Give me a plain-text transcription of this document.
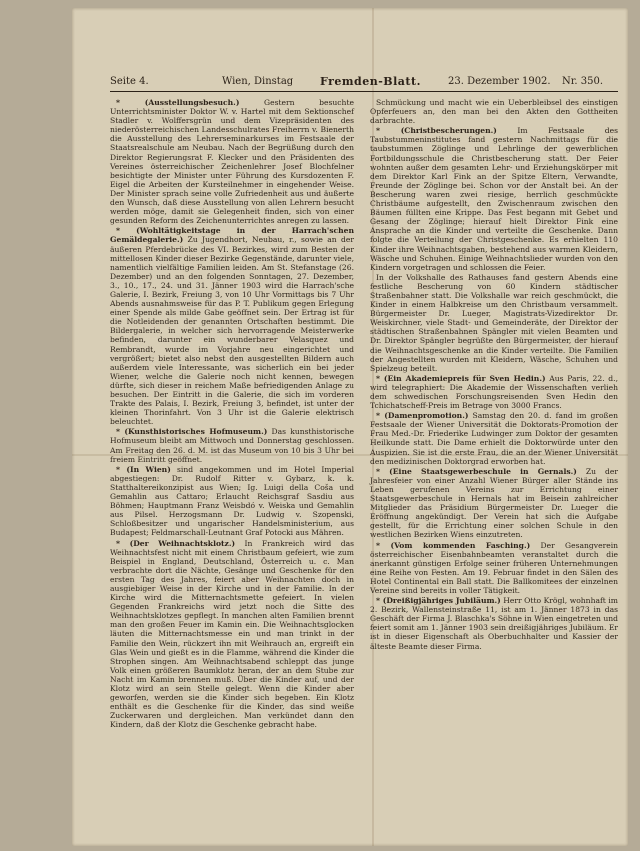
Seite 4.	Wien, Dinstag Fremden-Blatt.	23. Dezember 1902. Nr. 350.

* (Ausstellungsbesuch.)	Gestern besuchte Unterrichtsminister Doktor W. v. Hartel mit dem Sektionschef Stadler v. Wolffersgrün und dem Vizepräsidenten des niederösterreichischen Landesschulrates Freiherrn v. Bienerth die Ausstellung des Lehrerseminarkurses im Festsaale der Staatsrealschule am Neubau. Nach der Begrüßung durch den Direktor Regierungsrat F. Klecker und den Präsidenten des Vereines österreichischer Zeichenlehrer Josef Blochfelner besichtigte der Minister unter Führung des Kursdozenten F. Eigel die Arbeiten der Kursteilnehmer in eingehender Weise. Der Minister sprach seine volle Zufriedenheit aus und äußerte den Wunsch, daß diese Ausstellung von allen Lehrern besucht werden möge, damit sie Gelegenheit finden, sich von einer gesunden Reform des Zeichenunterrichtes anregen zu lassen.

* (Wohltätigkeitstage in der Harrach'schen Gemäldegalerie.) Zu Jugendhort, Neubau, r., sowie an der äußeren Pferdebrücke des VI. Bezirkes, wird zum Besten der mittellosen Kinder dieser Bezirke Gegenstände, darunter viele, namentlich vielfältige Familien leiden. Am St. Stefanstage (26. Dezember) und an den folgenden Sonntagen, 27. Dezember, 3., 10., 17., 24. und 31. Jänner 1903 wird die Harrach'sche Galerie, I. Bezirk, Freiung 3, von 10 Uhr Vormittags bis 7 Uhr Abends ausnahmsweise für das P. T. Publikum gegen Erlegung einer Spende als milde Gabe geöffnet sein. Der Ertrag ist für die Notleidenden der genannten Ortschaften bestimmt. Die Bildergalerie, in welcher sich hervorragende Meisterwerke befinden, darunter ein wunderbarer Velasquez und Rembrandt, wurde im Vorjahre neu eingerichtet und vergrößert; bietet also nebst den ausgestellten Bildern auch außerdem viele Interessante, was sicherlich ein bei jeder Wiener, welche die Galerie noch nicht kennen, bewegen dürfte, sich dieser in reichem Maße befriedigenden Anlage zu besuchen. Der Eintritt in die Galerie, die sich im vorderen Trakte des Palais, I. Bezirk, Freiung 3, befindet, ist unter der kleinen Thorinfahrt. Von 3 Uhr ist die Galerie elektrisch beleuchtet.

* (Kunsthistorisches Hofmuseum.) Das kunsthistorische Hofmuseum bleibt am Mittwoch und Donnerstag geschlossen. Am Freitag den 26. d. M. ist das Museum von 10 bis 3 Uhr bei freiem Eintritt geöffnet.

* (In Wien) sind angekommen und im Hotel Imperial abgestiegen: Dr. Rudolf Ritter v. Gybarz, k. k. Statthaltereikonzipist aus Wien; Ig. Luigi della Coša und Gemahlin aus Cattaro; Erlaucht Reichsgraf Sasdiu aus Böhmen; Hauptmann Franz Weisbdó v. Weiska und Gemahlin aus Pilsel. Herzogsmann Dr. Ludwig v. Szopenski, Schloßbesitzer und ungarischer Handelsministerium, aus Budapest; Feldmarschall-Leutnant Graf Potocki aus Mähren.

* (Der Weihnachtsklotz.) In Frankreich wird das Weihnachtsfest nicht mit einem Christbaum gefeiert, wie zum Beispiel in England, Deutschland, Österreich u. c. Man verbrachte dort die Nächte, Gesänge und Geschenke für den ersten Tag des Jahres, feiert aber Weihnachten doch in ausgiebiger Weise in der Kirche und in der Familie. In der Kirche wird die Mitternachtsmette gefeiert. In vielen Gegenden Frankreichs wird jetzt noch die Sitte des Weihnachtsklotzes gepflegt. In manchen alten Familien brennt man den großen Feuer im Kamin ein. Die Weihnachtsglocken läuten die Mitternachtsmesse ein und man trinkt in der Familie den Wein, rückzert ihn mit Weihrauch an, ergreift ein Glas Wein und gießt es in die Flamme, während die Kinder die Strophen singen. Am Weihnachtsabend schleppt das junge Volk einen größeren Baumklotz heran, der an dem Stube zur Nacht im Kamin brennen muß. Über die Kinder auf, und der Klotz wird an sein Stelle gelegt. Wenn die Kinder aber geworfen, werden sie die Kinder sich begeben. Ein Klotz enthält es die Geschenke für die Kinder, das sind weiße Zuckerwaren und dergleichen. Man verkündet dann den Kindern, daß der Klotz die Geschenke gebracht habe.

Schmückung und macht wie ein Ueberbleibsel des einstigen Opferfeuers an, den man bei den Akten den Gottheiten darbrachte.

* (Christbescherungen.)	Im Festsaale des Taubstummeninstitutes fand gestern Nachmittags für die taubstummen Zöglinge und Lehrlinge der gewerblichen Fortbildungsschule die Christbescherung statt. Der Feier wohnten außer dem gesamten Lehr- und Erziehungskörper mit dem Direktor Karl Fink an der Spitze Eltern, Verwandte, Freunde der Zöglinge bei. Schon vor der Anstalt bei. An der Bescherung waren zwei riesige, herrlich geschmückte Christbäume aufgestellt, den Zwischenraum zwischen den Bäumen füllten eine Krippe. Das Fest begann mit Gebet und Gesang der Zöglinge; hierauf hielt Direktor Fink eine Ansprache an die Kinder und verteilte die Geschenke. Dann folgte die Verteilung der Christgeschenke. Es erhielten 110 Kinder ihre Weihnachtsgaben, bestehend aus warmen Kleidern, Wäsche und Schuhen. Einige Weihnachtslieder wurden von den Kindern vorgetragen und schlossen die Feier.

In der Volkshalle des Rathauses fand gestern Abends eine festliche Bescherung von 60 Kindern städtischer Straßenbahner statt. Die Volkshalle war reich geschmückt, die Kinder in einem Halbkreise um den Christbaum versammelt. Bürgermeister Dr. Lueger, Magistrats-Vizedirektor Dr. Weiskirchner, viele Stadt- und Gemeinderäte, der Direktor der städtischen Straßenbahnen Spängler mit vielen Beamten und Dr. Direktor Spängler begrüßte den Bürgermeister, der hierauf die Weihnachtsgeschenke an die Kinder verteilte. Die Familien der Angestellten wurden mit Kleidern, Wäsche, Schuhen und Spielzeug beteilt.

* (Ein Akademiepreis für Sven Hedin.) Aus Paris, 22. d., wird telegraphiert: Die Akademie der Wissenschaften verlieh dem schwedischen Forschungsreisenden Sven Hedin den Tchichatscheff-Preis im Betrage von 3000 Francs.

* (Damenpromotion.) Samstag den 20. d. fand im großen Festsaale der Wiener Universität die Doktorats-Promotion der Frau Med.-Dr. Friederike Ludwinger zum Doktor der gesamten Heilkunde statt. Die Dame erhielt die Doktorwürde unter den Auspizien. Sie ist die erste Frau, die an der Wiener Universität den medizinischen Doktorgrad erworben hat.

* (Eine Staatsgewerbeschule in Gernals.) Zu der Jahresfeier von einer Anzahl Wiener Bürger aller Stände ins Leben gerufenen Vereins zur Errichtung einer Staatsgewerbeschule in Hernals hat im Beisein zahlreicher Mitglieder das Präsidium Bürgermeister Dr. Lueger die Eröffnung angekündigt. Der Verein hat sich die Aufgabe gestellt, für die Errichtung einer solchen Schule in den westlichen Bezirken Wiens einzutreten.

* (Vom kommenden Fasching.) Der Gesangverein österreichischer Eisenbahnbeamten veranstaltet durch die anerkannt günstigen Erfolge seiner früheren Unternehmungen eine Reihe von Festen. Am 19. Februar findet in den Sälen des Hotel Continental ein Ball statt. Die Ballkomitees der einzelnen Vereine sind bereits in voller Tätigkeit.

* (Dreißigjähriges Jubiläum.) Herr Otto Krögl, wohnhaft im 2. Bezirk, Wallensteinstraße 11, ist am 1. Jänner 1873 in das Geschäft der Firma J. Blaschka's Söhne in Wien eingetreten und feiert somit am 1. Jänner 1903 sein dreißigjähriges Jubiläum. Er ist in dieser Eigenschaft als Oberbuchhalter und Kassier der älteste Beamte dieser Firma.
